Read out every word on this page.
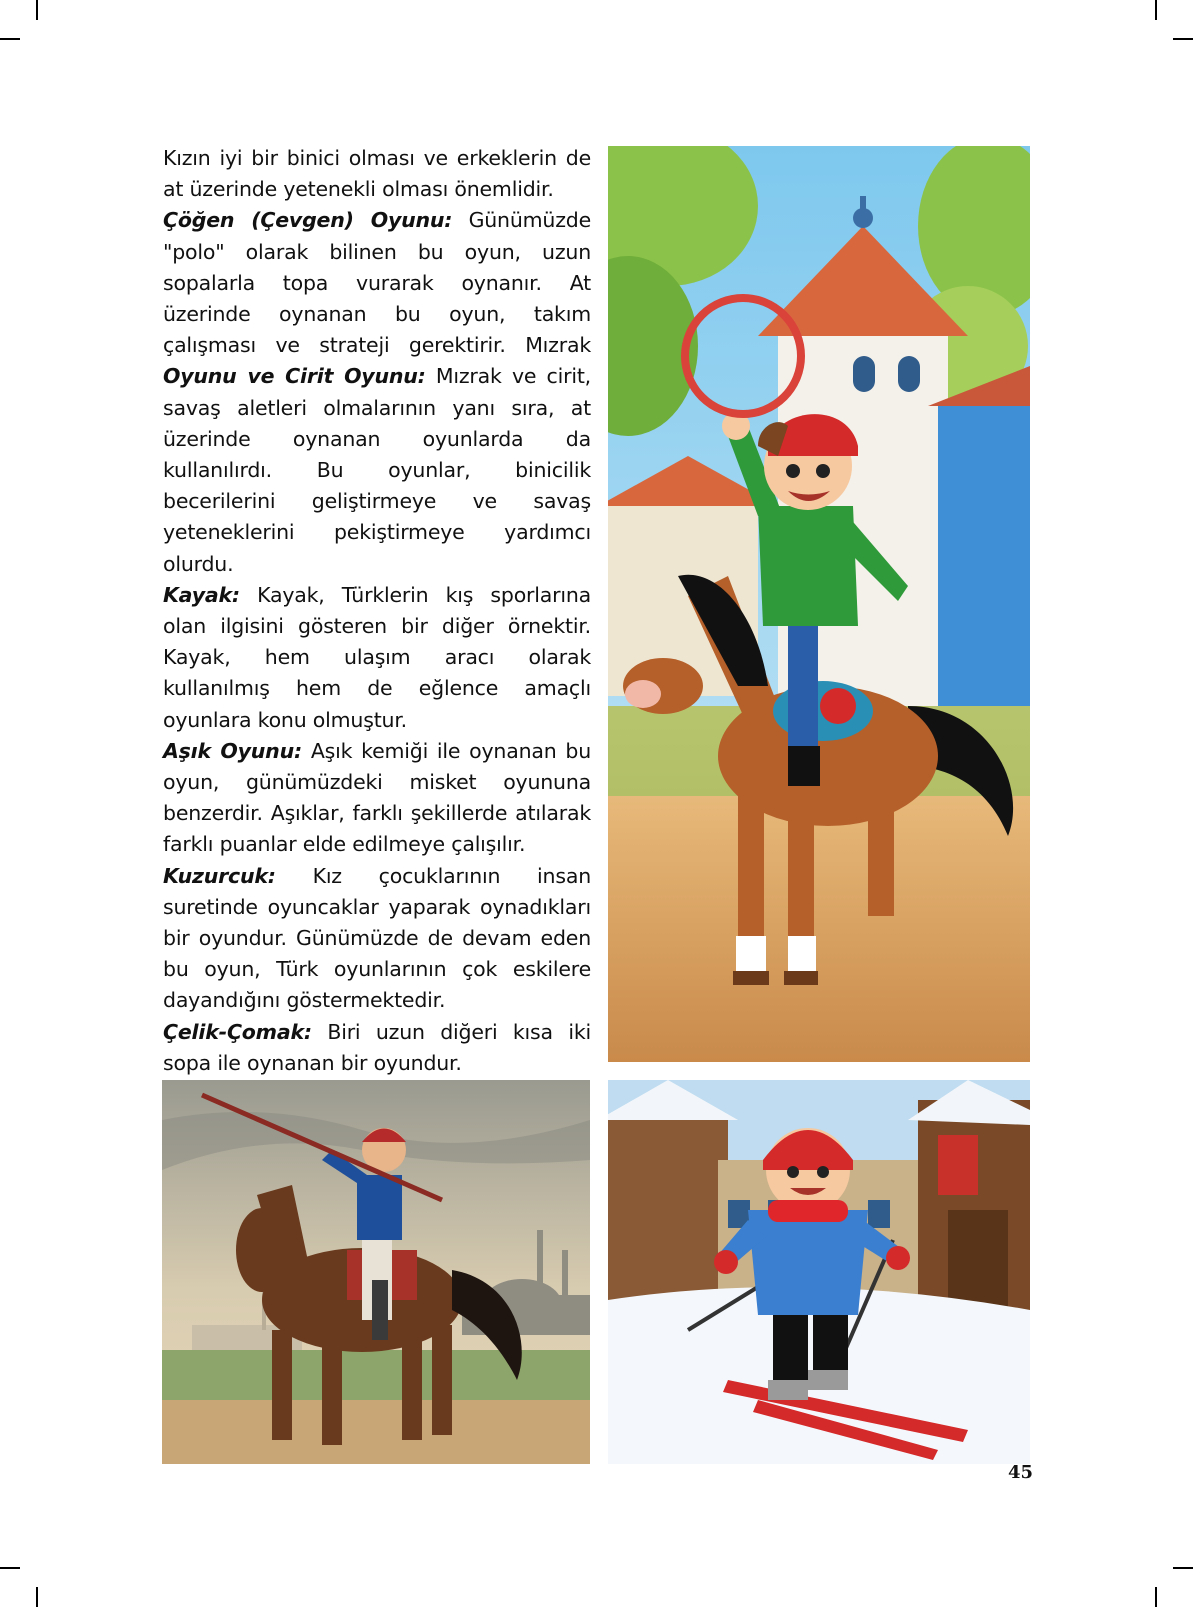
Kızın iyi bir binici olması ve erkeklerin de at üzerinde yetenekli olması önemlidir.

Çöğen (Çevgen) Oyunu: Günümüzde "polo" olarak bilinen bu oyun, uzun sopalarla topa vurarak oynanır. At üzerinde oynanan bu oyun, takım çalışması ve strateji gerektirir. Mızrak Oyunu ve Cirit Oyunu: Mızrak ve cirit, savaş aletleri olmalarının yanı sıra, at üzerinde oynanan oyunlarda da kullanılırdı. Bu oyunlar, binicilik becerilerini geliştirmeye ve savaş yeteneklerini pekiştirmeye yardımcı olurdu.

Kayak: Kayak, Türklerin kış sporlarına olan ilgisini gösteren bir diğer örnektir. Kayak, hem ulaşım aracı olarak kullanılmış hem de eğlence amaçlı oyunlara konu olmuştur.

Aşık Oyunu: Aşık kemiği ile oynanan bu oyun, günümüzdeki misket oyununa benzerdir. Aşıklar, farklı şekillerde atılarak farklı puanlar elde edilmeye çalışılır.

Kuzurcuk: Kız çocuklarının insan suretinde oyuncaklar yaparak oynadıkları bir oyundur. Günümüzde de devam eden bu oyun, Türk oyunlarının çok eskilere dayandığını göstermektedir.

Çelik-Çomak: Biri uzun diğeri kısa iki sopa ile oynanan bir oyundur.

45
